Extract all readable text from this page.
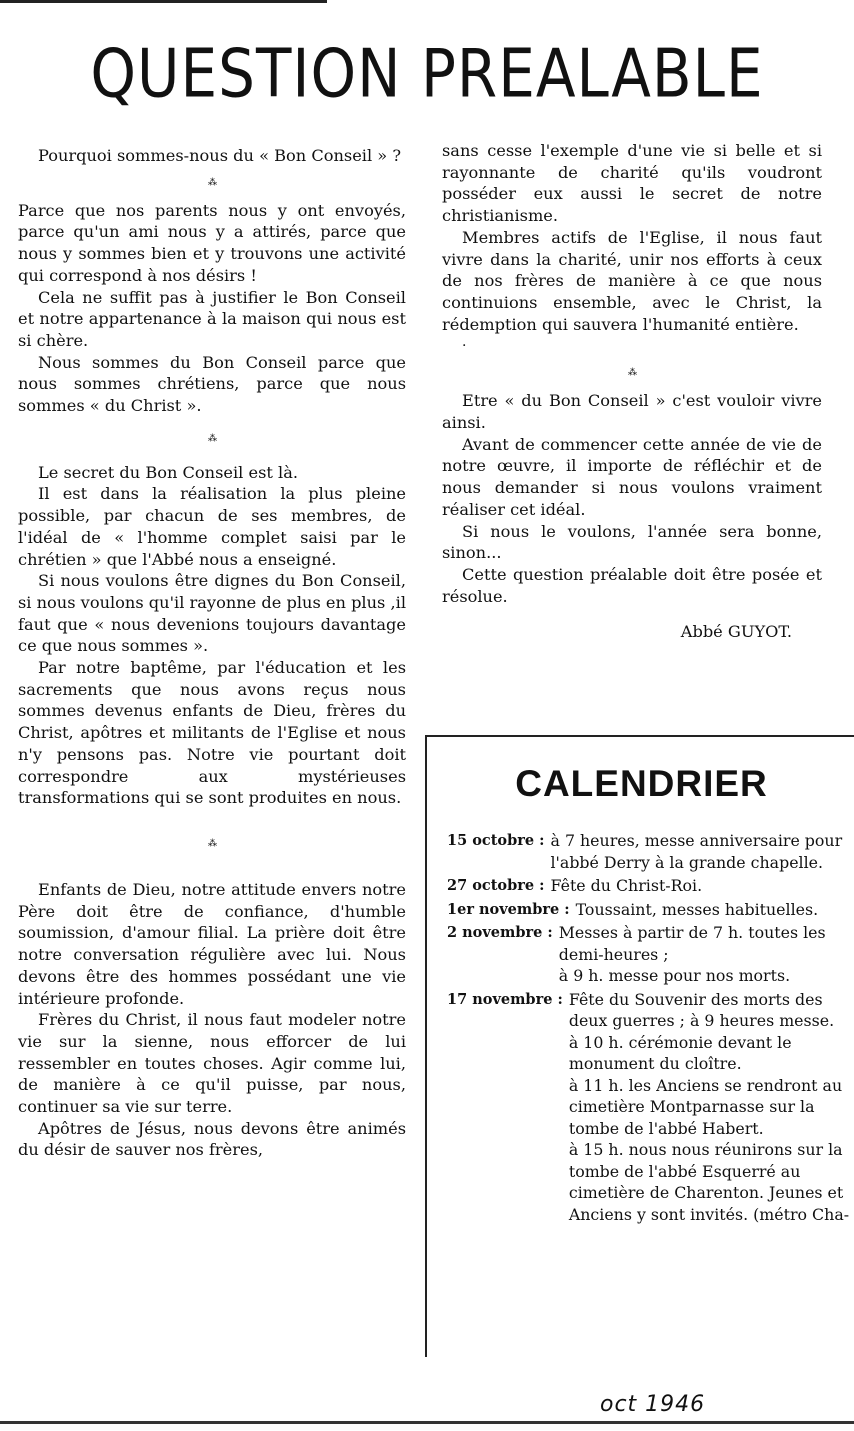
QUESTION PREALABLE

Pourquoi sommes-nous du « Bon Conseil » ?

⁂

Parce que nos parents nous y ont envoyés, parce qu'un ami nous y a attirés, parce que nous y sommes bien et y trouvons une activité qui correspond à nos désirs !

Cela ne suffit pas à justifier le Bon Conseil et notre appartenance à la maison qui nous est si chère.

Nous sommes du Bon Conseil parce que nous sommes chrétiens, parce que nous sommes « du Christ ».

⁂

Le secret du Bon Conseil est là.

Il est dans la réalisation la plus pleine possible, par chacun de ses membres, de l'idéal de « l'homme complet saisi par le chrétien » que l'Abbé nous a enseigné.

Si nous voulons être dignes du Bon Conseil, si nous voulons qu'il rayonne de plus en plus ,il faut que « nous devenions toujours davantage ce que nous sommes ».

Par notre baptême, par l'éducation et les sacrements que nous avons reçus nous sommes devenus enfants de Dieu, frères du Christ, apôtres et militants de l'Eglise et nous n'y pensons pas. Notre vie pourtant doit correspondre aux mystérieuses transformations qui se sont produites en nous.

⁂

Enfants de Dieu, notre attitude envers notre Père doit être de confiance, d'humble soumission, d'amour filial. La prière doit être notre conversation régulière avec lui. Nous devons être des hommes possédant une vie intérieure profonde.

Frères du Christ, il nous faut modeler notre vie sur la sienne, nous efforcer de lui ressembler en toutes choses. Agir comme lui, de manière à ce qu'il puisse, par nous, continuer sa vie sur terre.

Apôtres de Jésus, nous devons être animés du désir de sauver nos frères,

sans cesse l'exemple d'une vie si belle et si rayonnante de charité qu'ils voudront posséder eux aussi le secret de notre christianisme.

Membres actifs de l'Eglise, il nous faut vivre dans la charité, unir nos efforts à ceux de nos frères de manière à ce que nous continuions ensemble, avec le Christ, la rédemption qui sauvera l'humanité entière.

·
⁂

Etre « du Bon Conseil » c'est vouloir vivre ainsi.

Avant de commencer cette année de vie de notre œuvre, il importe de réfléchir et de nous demander si nous voulons vraiment réaliser cet idéal.

Si nous le voulons, l'année sera bonne, sinon...

Cette question préalable doit être posée et résolue.

Abbé GUYOT.

CALENDRIER
15 octobre : à 7 heures, messe anniversaire pour l'abbé Derry à la grande chapelle.

27 octobre : Fête du Christ-Roi.

1er novembre : Toussaint, messes habituelles.

2 novembre : Messes à partir de 7 h. toutes les demi-heures ;

à 9 h. messe pour nos morts.

17 novembre : Fête du Souvenir des morts des deux guerres ; à 9 heures messe.

à 10 h. cérémonie devant le monument du cloître.

à 11 h. les Anciens se rendront au cimetière Montparnasse sur la tombe de l'abbé Habert.

à 15 h. nous nous réunirons sur la tombe de l'abbé Esquerré au cimetière de Charenton. Jeunes et Anciens y sont invités. (métro Cha-

oct 1946
